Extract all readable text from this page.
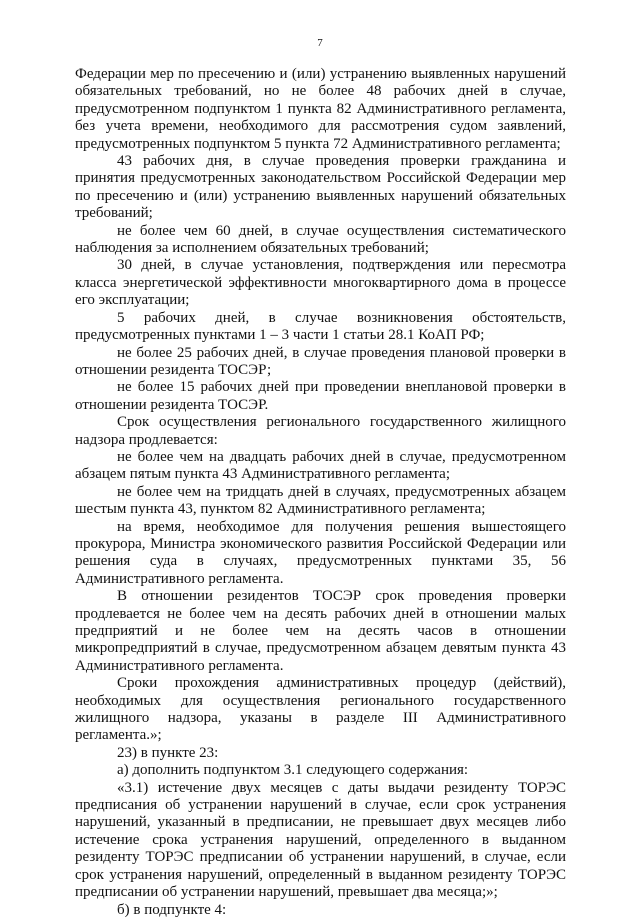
7

Федерации мер по пресечению и (или) устранению выявленных нарушений обязательных требований, но не более 48 рабочих дней в случае, предусмотренном подпунктом 1 пункта 82 Административного регламента, без учета времени, необходимого для рассмотрения судом заявлений, предусмотренных подпунктом 5 пункта 72 Административного регламента;

43 рабочих дня, в случае проведения проверки гражданина и принятия предусмотренных законодательством Российской Федерации мер по пресечению и (или) устранению выявленных нарушений обязательных требований;

не более чем 60 дней, в случае осуществления систематического наблюдения за исполнением обязательных требований;

30 дней, в случае установления, подтверждения или пересмотра класса энергетической эффективности многоквартирного дома в процессе его эксплуатации;

5 рабочих дней, в случае возникновения обстоятельств, предусмотренных пунктами 1 – 3 части 1 статьи 28.1 КоАП РФ;

не более 25 рабочих дней, в случае проведения плановой проверки в отношении резидента ТОСЭР;

не более 15 рабочих дней при проведении внеплановой проверки в отношении резидента ТОСЭР.

Срок осуществления регионального государственного жилищного надзора продлевается:

не более чем на двадцать рабочих дней в случае, предусмотренном абзацем пятым пункта 43 Административного регламента;

не более чем на тридцать дней в случаях, предусмотренных абзацем шестым пункта 43, пунктом 82 Административного регламента;

на время, необходимое для получения решения вышестоящего прокурора, Министра экономического развития Российской Федерации или решения суда в случаях, предусмотренных пунктами 35, 56 Административного регламента.

В отношении резидентов ТОСЭР срок проведения проверки продлевается не более чем на десять рабочих дней в отношении малых предприятий и не более чем на десять часов в отношении микропредприятий в случае, предусмотренном абзацем девятым пункта 43 Административного регламента.

Сроки прохождения административных процедур (действий), необходимых для осуществления регионального государственного жилищного надзора, указаны в разделе III Административного регламента.»;

23) в пункте 23:

а) дополнить подпунктом 3.1 следующего содержания:

«3.1) истечение двух месяцев с даты выдачи резиденту ТОРЭС предписания об устранении нарушений в случае, если срок устранения нарушений, указанный в предписании, не превышает двух месяцев либо истечение срока устранения нарушений, определенного в выданном резиденту ТОРЭС предписании об устранении нарушений, в случае, если срок устранения нарушений, определенный в выданном резиденту ТОРЭС предписании об устранении нарушений, превышает два месяца;»;

б) в подпункте 4:
